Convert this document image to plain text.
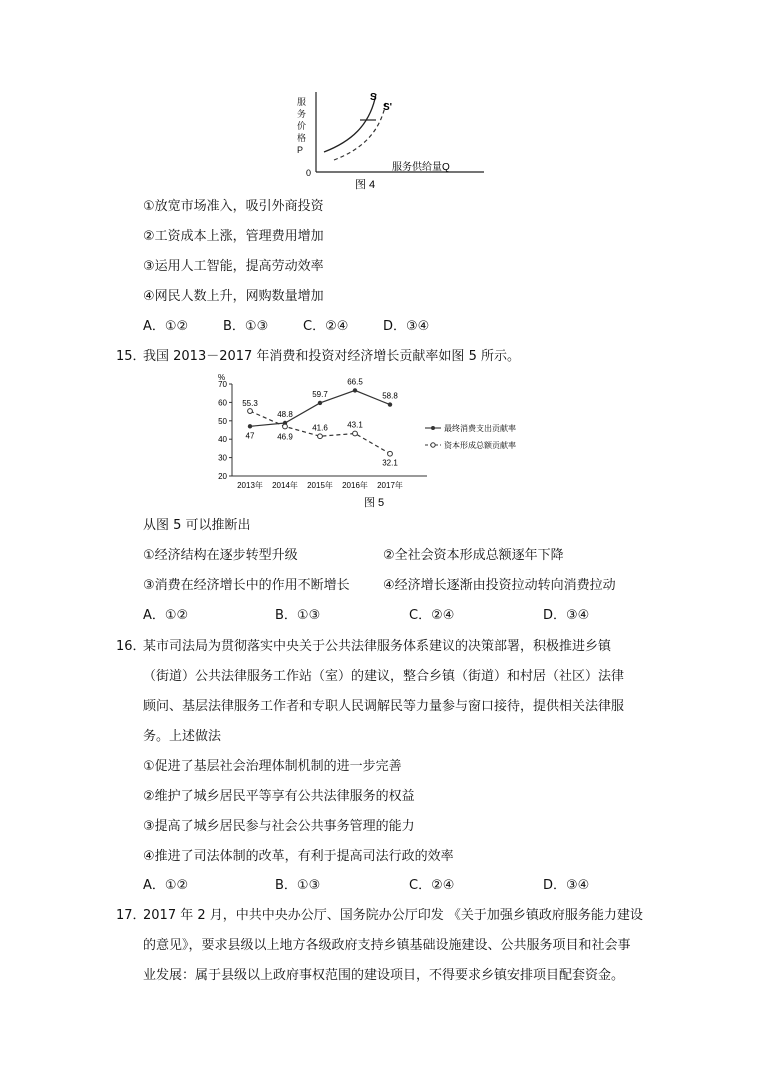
S
S'
0	服务供给量Q
图 4
服
务
价
格
P
①放宽市场准入，吸引外商投资
②工资成本上涨，管理费用增加
③运用人工智能，提高劳动效率
④网民人数上升，网购数量增加
A．①②	B．①③	C．②④	D．③④
15．
我国 2013－2017 年消费和投资对经济增长贡献率如图 5 所示。
%
20
30
40
50
60
70
2013年 2014年 2015年 2016年 2017年
47
48.8
59.7
66.5
58.8
55.3
46.9
41.6 43.1
32.1
最终消费支出贡献率
资本形成总额贡献率
图 5
从图 5 可以推断出
①经济结构在逐步转型升级	②全社会资本形成总额逐年下降
③消费在经济增长中的作用不断增长	④经济增长逐渐由投资拉动转向消费拉动
A．①②	B．①③	C．②④	D．③④
16．
某市司法局为贯彻落实中央关于公共法律服务体系建议的决策部署，积极推进乡镇
（街道）公共法律服务工作站（室）的建议，整合乡镇（街道）和村居（社区）法律
顾问、基层法律服务工作者和专职人民调解民等力量参与窗口接待，提供相关法律服
务。上述做法
①促进了基层社会治理体制机制的进一步完善
②维护了城乡居民平等享有公共法律服务的权益
③提高了城乡居民参与社会公共事务管理的能力
④推进了司法体制的改革，有利于提高司法行政的效率
A．①②	B．①③	C．②④	D．③④
17．
2017 年 2 月，中共中央办公厅、国务院办公厅印发 《关于加强乡镇政府服务能力建设
的意见》，要求县级以上地方各级政府支持乡镇基础设施建设、公共服务项目和社会事
业发展：属于县级以上政府事权范围的建设项目，不得要求乡镇安排项目配套资金。
